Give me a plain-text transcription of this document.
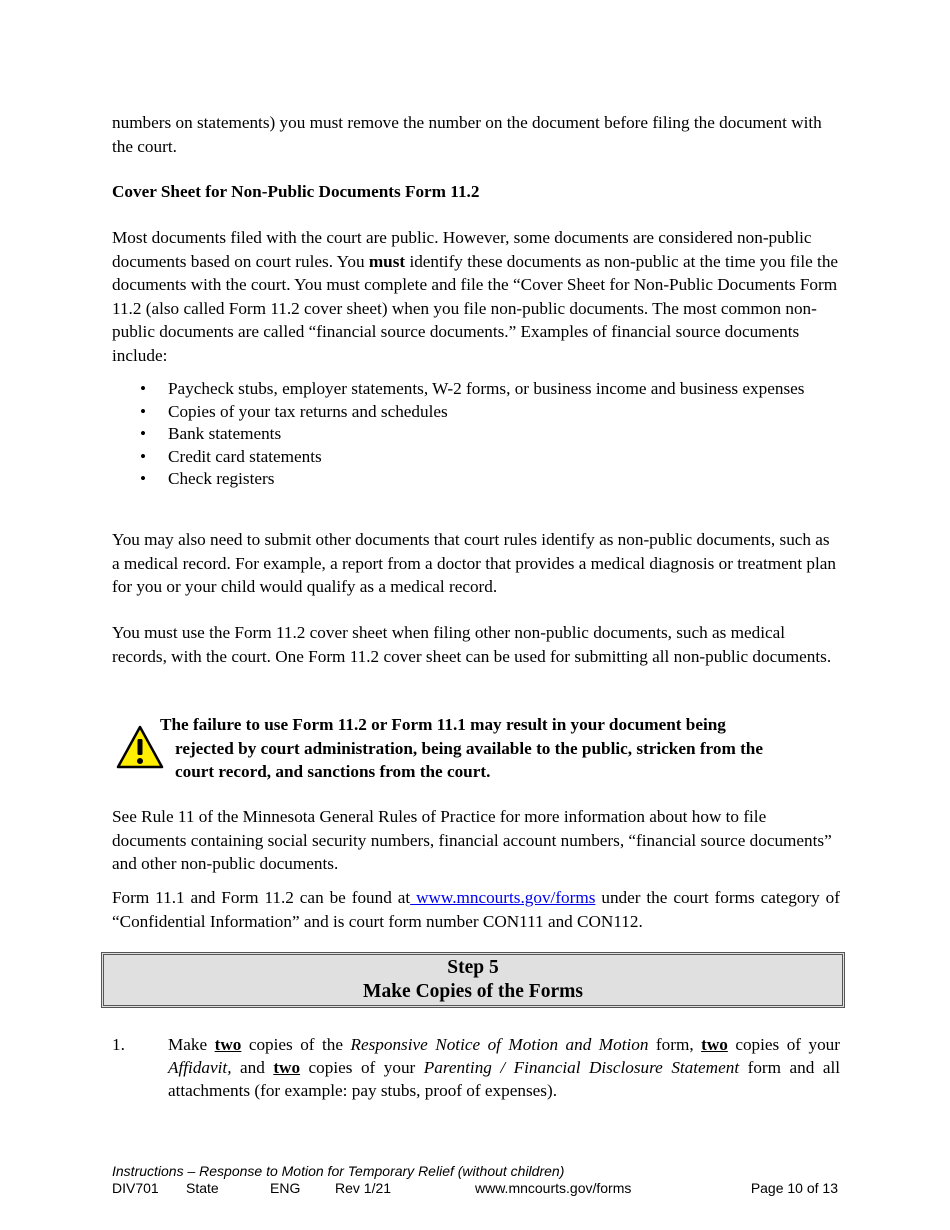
numbers on statements) you must remove the number on the document before filing the document with the court.

Cover Sheet for Non-Public Documents Form 11.2

Most documents filed with the court are public. However, some documents are considered non-public documents based on court rules. You must identify these documents as non-public at the time you file the documents with the court. You must complete and file the “Cover Sheet for Non-Public Documents Form 11.2 (also called Form 11.2 cover sheet) when you file non-public documents. The most common non-public documents are called “financial source documents.” Examples of financial source documents include:

You may also need to submit other documents that court rules identify as non-public documents, such as a medical record. For example, a report from a doctor that provides a medical diagnosis or treatment plan for you or your child would qualify as a medical record.

You must use the Form 11.2 cover sheet when filing other non-public documents, such as medical records, with the court. One Form 11.2 cover sheet can be used for submitting all non-public documents.

See Rule 11 of the Minnesota General Rules of Practice for more information about how to file documents containing social security numbers, financial account numbers, “financial source documents” and other non-public documents.

Form 11.1 and Form 11.2 can be found at www.mncourts.gov/forms under the court forms category of “Confidential Information” and is court form number CON111 and CON112.

• Paycheck stubs, employer statements, W-2 forms, or business income and business expenses
• Copies of your tax returns and schedules
• Bank statements
• Credit card statements
• Check registers
The failure to use Form 11.2 or Form 11.1 may result in your document being
rejected by court administration, being available to the public, stricken from the
court record, and sanctions from the court.
Step 5
Make Copies of the Forms
1.	Make two copies of the Responsive Notice of Motion and Motion form, two copies of your Affidavit, and two copies of your Parenting / Financial Disclosure Statement form and all attachments (for example: pay stubs, proof of expenses).

Instructions – Response to Motion for Temporary Relief (without children)
DIV701 State	ENG Rev 1/21	www.mncourts.gov/forms	Page 10 of 13
